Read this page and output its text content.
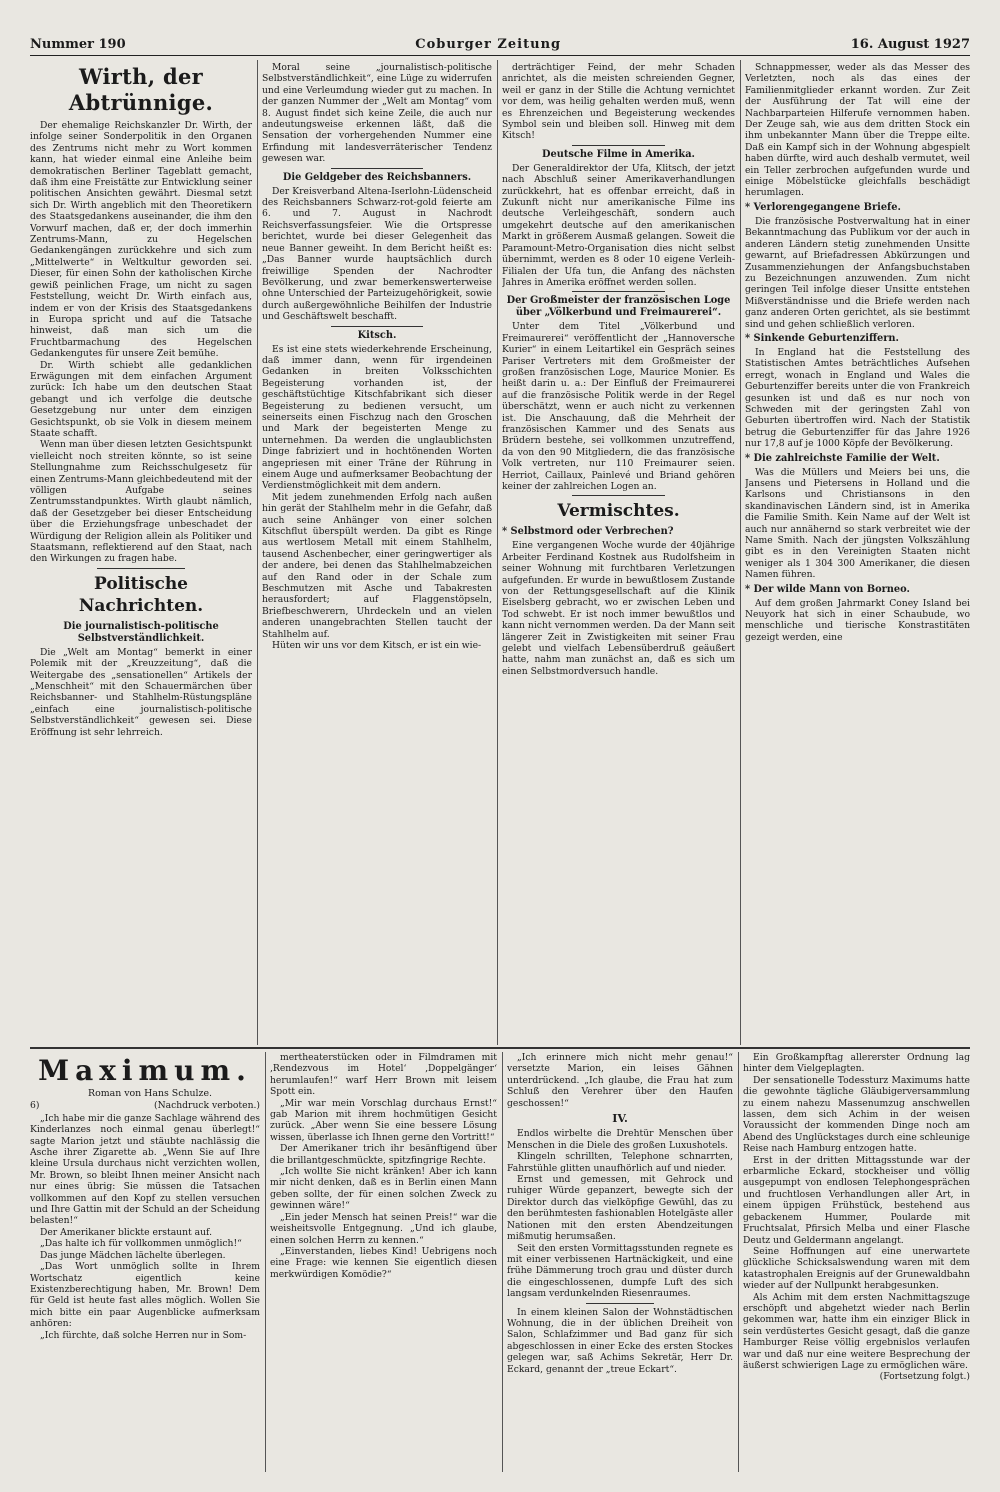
Nummer 190	Coburger Zeitung	16. August 1927
Wirth, der Abtrünnige.

Der ehemalige Reichskanzler Dr. Wirth, der infolge seiner Sonderpolitik in den Organen des Zentrums nicht mehr zu Wort kommen kann, hat wieder einmal eine Anleihe beim demokratischen Berliner Tageblatt gemacht, daß ihm eine Freistätte zur Entwicklung seiner politischen Ansichten gewährt. Diesmal setzt sich Dr. Wirth angeblich mit den Theoretikern des Staatsgedankens auseinander, die ihm den Vorwurf machen, daß er, der doch immerhin Zentrums-Mann, zu Hegelschen Gedankengängen zurückkehre und sich zum „Mittelwerte“ in Weltkultur geworden sei. Dieser, für einen Sohn der katholischen Kirche gewiß peinlichen Frage, um nicht zu sagen Feststellung, weicht Dr. Wirth einfach aus, indem er von der Krisis des Staatsgedankens in Europa spricht und auf die Tatsache hinweist, daß man sich um die Fruchtbarmachung des Hegelschen Gedankengutes für unsere Zeit bemühe.

Dr. Wirth schiebt alle gedanklichen Erwägungen mit dem einfachen Argument zurück: Ich habe um den deutschen Staat gebangt und ich verfolge die deutsche Gesetzgebung nur unter dem einzigen Gesichtspunkt, ob sie Volk in diesem meinem Staate schafft.

Wenn man über diesen letzten Gesichtspunkt vielleicht noch streiten könnte, so ist seine Stellungnahme zum Reichsschulgesetz für einen Zentrums-Mann gleichbedeutend mit der völligen Aufgabe seines Zentrumsstandpunktes. Wirth glaubt nämlich, daß der Gesetzgeber bei dieser Entscheidung über die Erziehungsfrage unbeschadet der Würdigung der Religion allein als Politiker und Staatsmann, reflektierend auf den Staat, nach den Wirkungen zu fragen habe.

Politische Nachrichten.
Die journalistisch-politische Selbstverständlichkeit.

Die „Welt am Montag“ bemerkt in einer Polemik mit der „Kreuzzeitung“, daß die Weitergabe des „sensationellen“ Artikels der „Menschheit“ mit den Schauermärchen über Reichsbanner- und Stahlhelm-Rüstungspläne „einfach eine journalistisch-politische Selbstverständlichkeit“ gewesen sei. Diese Eröffnung ist sehr lehrreich.

Moral seine „journalistisch-politische Selbstverständlichkeit“, eine Lüge zu widerrufen und eine Verleumdung wieder gut zu machen. In der ganzen Nummer der „Welt am Montag“ vom 8. August findet sich keine Zeile, die auch nur andeutungsweise erkennen läßt, daß die Sensation der vorhergehenden Nummer eine Erfindung mit landesverräterischer Tendenz gewesen war.

Die Geldgeber des Reichsbanners.

Der Kreisverband Altena-Iserlohn-Lüdenscheid des Reichsbanners Schwarz-rot-gold feierte am 6. und 7. August in Nachrodt Reichsverfassungsfeier. Wie die Ortspresse berichtet, wurde bei dieser Gelegenheit das neue Banner geweiht. In dem Bericht heißt es: „Das Banner wurde hauptsächlich durch freiwillige Spenden der Nachrodter Bevölkerung, und zwar bemerkenswerterweise ohne Unterschied der Parteizugehörigkeit, sowie durch außergewöhnliche Beihilfen der Industrie und Geschäftswelt beschafft.

Kitsch.

Es ist eine stets wiederkehrende Erscheinung, daß immer dann, wenn für irgendeinen Gedanken in breiten Volksschichten Begeisterung vorhanden ist, der geschäftstüchtige Kitschfabrikant sich dieser Begeisterung zu bedienen versucht, um seinerseits einen Fischzug nach den Groschen und Mark der begeisterten Menge zu unternehmen. Da werden die unglaublichsten Dinge fabriziert und in hochtönenden Worten angepriesen mit einer Träne der Rührung in einem Auge und aufmerksamer Beobachtung der Verdienstmöglichkeit mit dem andern.

Mit jedem zunehmenden Erfolg nach außen hin gerät der Stahlhelm mehr in die Gefahr, daß auch seine Anhänger von einer solchen Kitschflut überspült werden. Da gibt es Ringe aus wertlosem Metall mit einem Stahlhelm, tausend Aschenbecher, einer geringwertiger als der andere, bei denen das Stahlhelmabzeichen auf den Rand oder in der Schale zum Beschmutzen mit Asche und Tabakresten herausfordert; auf Flaggenstöpseln, Briefbeschwerern, Uhrdeckeln und an vielen anderen unangebrachten Stellen taucht der Stahlhelm auf.

Hüten wir uns vor dem Kitsch, er ist ein wie-

derträchtiger Feind, der mehr Schaden anrichtet, als die meisten schreienden Gegner, weil er ganz in der Stille die Achtung vernichtet vor dem, was heilig gehalten werden muß, wenn es Ehrenzeichen und Begeisterung weckendes Symbol sein und bleiben soll. Hinweg mit dem Kitsch!

Deutsche Filme in Amerika.

Der Generaldirektor der Ufa, Klitsch, der jetzt nach Abschluß seiner Amerikaverhandlungen zurückkehrt, hat es offenbar erreicht, daß in Zukunft nicht nur amerikanische Filme ins deutsche Verleihgeschäft, sondern auch umgekehrt deutsche auf den amerikanischen Markt in größerem Ausmaß gelangen. Soweit die Paramount-Metro-Organisation dies nicht selbst übernimmt, werden es 8 oder 10 eigene Verleih-Filialen der Ufa tun, die Anfang des nächsten Jahres in Amerika eröffnet werden sollen.

Der Großmeister der französischen Loge über „Völkerbund und Freimaurerei“.

Unter dem Titel „Völkerbund und Freimaurerei“ veröffentlicht der „Hannoversche Kurier“ in einem Leitartikel ein Gespräch seines Pariser Vertreters mit dem Großmeister der großen französischen Loge, Maurice Monier. Es heißt darin u. a.: Der Einfluß der Freimaurerei auf die französische Politik werde in der Regel überschätzt, wenn er auch nicht zu verkennen ist. Die Anschauung, daß die Mehrheit der französischen Kammer und des Senats aus Brüdern bestehe, sei vollkommen unzutreffend, da von den 90 Mitgliedern, die das französische Volk vertreten, nur 110 Freimaurer seien. Herriot, Caillaux, Painlevé und Briand gehören keiner der zahlreichen Logen an.

Vermischtes.
* Selbstmord oder Verbrechen?

Eine vergangenen Woche wurde der 40jährige Arbeiter Ferdinand Kostnek aus Rudolfsheim in seiner Wohnung mit furchtbaren Verletzungen aufgefunden. Er wurde in bewußtlosem Zustande von der Rettungsgesellschaft auf die Klinik Eiselsberg gebracht, wo er zwischen Leben und Tod schwebt. Er ist noch immer bewußtlos und kann nicht vernommen werden. Da der Mann seit längerer Zeit in Zwistigkeiten mit seiner Frau gelebt und vielfach Lebensüberdruß geäußert hatte, nahm man zunächst an, daß es sich um einen Selbstmordversuch handle.

Schnappmesser, weder als das Messer des Verletzten, noch als das eines der Familienmitglieder erkannt worden. Zur Zeit der Ausführung der Tat will eine der Nachbarparteien Hilferufe vernommen haben. Der Zeuge sah, wie aus dem dritten Stock ein ihm unbekannter Mann über die Treppe eilte. Daß ein Kampf sich in der Wohnung abgespielt haben dürfte, wird auch deshalb vermutet, weil ein Teller zerbrochen aufgefunden wurde und einige Möbelstücke gleichfalls beschädigt herumlagen.

* Verlorengegangene Briefe.

Die französische Postverwaltung hat in einer Bekanntmachung das Publikum vor der auch in anderen Ländern stetig zunehmenden Unsitte gewarnt, auf Briefadressen Abkürzungen und Zusammenziehungen der Anfangsbuchstaben zu Bezeichnungen anzuwenden. Zum nicht geringen Teil infolge dieser Unsitte entstehen Mißverständnisse und die Briefe werden nach ganz anderen Orten gerichtet, als sie bestimmt sind und gehen schließlich verloren.

* Sinkende Geburtenziffern.

In England hat die Feststellung des Statistischen Amtes beträchtliches Aufsehen erregt, wonach in England und Wales die Geburtenziffer bereits unter die von Frankreich gesunken ist und daß es nur noch von Schweden mit der geringsten Zahl von Geburten übertroffen wird. Nach der Statistik betrug die Geburtenziffer für das Jahre 1926 nur 17,8 auf je 1000 Köpfe der Bevölkerung.

* Die zahlreichste Familie der Welt.

Was die Müllers und Meiers bei uns, die Jansens und Pietersens in Holland und die Karlsons und Christiansons in den skandinavischen Ländern sind, ist in Amerika die Familie Smith. Kein Name auf der Welt ist auch nur annähernd so stark verbreitet wie der Name Smith. Nach der jüngsten Volkszählung gibt es in den Vereinigten Staaten nicht weniger als 1 304 300 Amerikaner, die diesen Namen führen.

* Der wilde Mann von Borneo.

Auf dem großen Jahrmarkt Coney Island bei Neuyork hat sich in einer Schaubude, wo menschliche und tierische Konstrastitäten gezeigt werden, eine

Maximum.

Roman von Hans Schulze.

6)	(Nachdruck verboten.)

„Ich habe mir die ganze Sachlage während des Kinderlanzes noch einmal genau überlegt!“ sagte Marion jetzt und stäubte nachlässig die Asche ihrer Zigarette ab. „Wenn Sie auf Ihre kleine Ursula durchaus nicht verzichten wollen, Mr. Brown, so bleibt Ihnen meiner Ansicht nach nur eines übrig: Sie müssen die Tatsachen vollkommen auf den Kopf zu stellen versuchen und Ihre Gattin mit der Schuld an der Scheidung belasten!“

Der Amerikaner blickte erstaunt auf.

„Das halte ich für vollkommen unmöglich!“

Das junge Mädchen lächelte überlegen.

„Das Wort unmöglich sollte in Ihrem Wortschatz eigentlich keine Existenzberechtigung haben, Mr. Brown! Dem für Geld ist heute fast alles möglich. Wollen Sie mich bitte ein paar Augenblicke aufmerksam anhören:

„Ich fürchte, daß solche Herren nur in Som-

mertheaterstücken oder in Filmdramen mit ‚Rendezvous im Hotel‘ ‚Doppelgänger‘ herumlaufen!“ warf Herr Brown mit leisem Spott ein.

„Mir war mein Vorschlag durchaus Ernst!“ gab Marion mit ihrem hochmütigen Gesicht zurück. „Aber wenn Sie eine bessere Lösung wissen, überlasse ich Ihnen gerne den Vortritt!“

Der Amerikaner trich ihr besänftigend über die brillantgeschmückte, spitzfingrige Rechte.

„Ich wollte Sie nicht kränken! Aber ich kann mir nicht denken, daß es in Berlin einen Mann geben sollte, der für einen solchen Zweck zu gewinnen wäre!“

„Ein jeder Mensch hat seinen Preis!“ war die weisheitsvolle Entgegnung. „Und ich glaube, einen solchen Herrn zu kennen.“

„Einverstanden, liebes Kind! Uebrigens noch eine Frage: wie kennen Sie eigentlich diesen merkwürdigen Komödie?“

„Ich erinnere mich nicht mehr genau!“ versetzte Marion, ein leises Gähnen unterdrückend. „Ich glaube, die Frau hat zum Schluß den Verehrer über den Haufen geschossen!“

IV.

Endlos wirbelte die Drehtür Menschen über Menschen in die Diele des großen Luxushotels.

Klingeln schrillten, Telephone schnarrten, Fahrstühle glitten unaufhörlich auf und nieder.

Ernst und gemessen, mit Gehrock und ruhiger Würde gepanzert, bewegte sich der Direktor durch das vielköpfige Gewühl, das zu den berühmtesten fashionablen Hotelgäste aller Nationen mit den ersten Abendzeitungen mißmutig herumsaßen.

Seit den ersten Vormittagsstunden regnete es mit einer verbissenen Hartnäckigkeit, und eine frühe Dämmerung troch grau und düster durch die eingeschlossenen, dumpfe Luft des sich langsam verdunkelnden Riesenraumes.

In einem kleinen Salon der Wohnstädtischen Wohnung, die in der üblichen Dreiheit von Salon, Schlafzimmer und Bad ganz für sich abgeschlossen in einer Ecke des ersten Stockes gelegen war, saß Achims Sekretär, Herr Dr. Eckard, genannt der „treue Eckart“.

Ein Großkampftag allererster Ordnung lag hinter dem Vielgeplagten.

Der sensationelle Todessturz Maximums hatte die gewohnte tägliche Gläubigerversammlung zu einem nahezu Massenumzug anschwellen lassen, dem sich Achim in der weisen Voraussicht der kommenden Dinge noch am Abend des Unglückstages durch eine schleunige Reise nach Hamburg entzogen hatte.

Erst in der dritten Mittagsstunde war der erbarmliche Eckard, stockheiser und völlig ausgepumpt von endlosen Telephongesprächen und fruchtlosen Verhandlungen aller Art, in einem üppigen Frühstück, bestehend aus gebackenem Hummer, Poularde mit Fruchtsalat, Pfirsich Melba und einer Flasche Deutz und Geldermann angelangt.

Seine Hoffnungen auf eine unerwartete glückliche Schicksalswendung waren mit dem katastrophalen Ereignis auf der Grunewaldbahn wieder auf der Nullpunkt herabgesunken.

Als Achim mit dem ersten Nachmittagszuge erschöpft und abgehetzt wieder nach Berlin gekommen war, hatte ihm ein einziger Blick in sein verdüstertes Gesicht gesagt, daß die ganze Hamburger Reise völlig ergebnislos verlaufen war und daß nur eine weitere Besprechung der äußerst schwierigen Lage zu ermöglichen wäre.

(Fortsetzung folgt.)
